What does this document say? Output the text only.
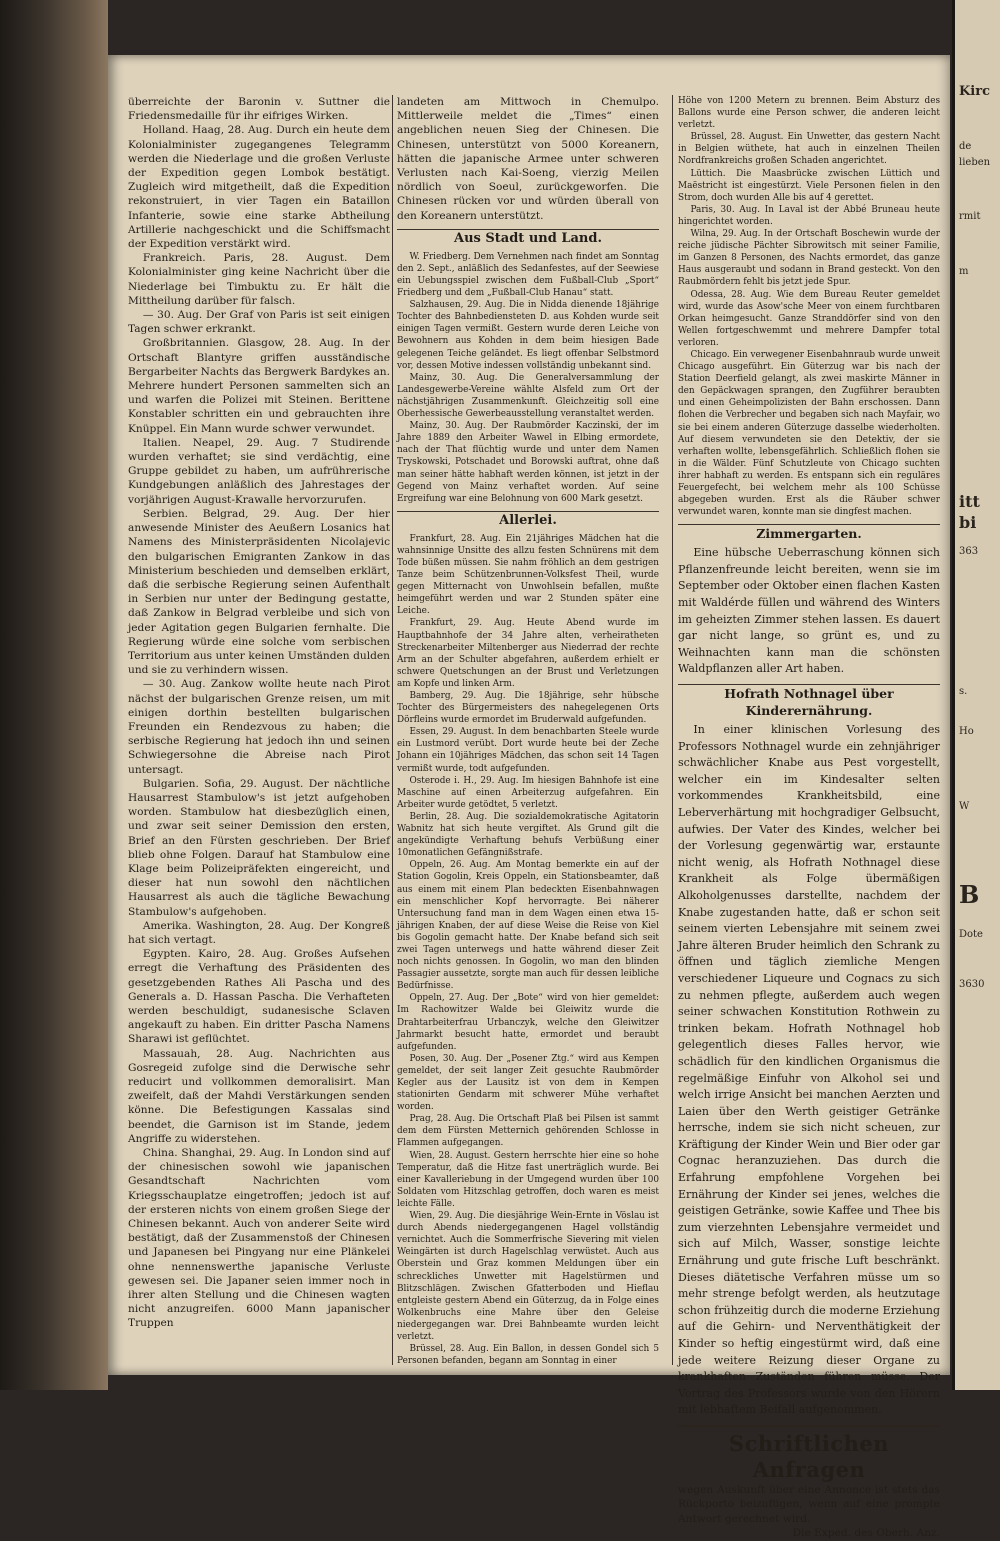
überreichte der Baronin v. Suttner die Friedensmedaille für ihr eifriges Wirken.

Holland. Haag, 28. Aug. Durch ein heute dem Kolonialminister zugegangenes Telegramm werden die Niederlage und die großen Verluste der Expedition gegen Lombok bestätigt. Zugleich wird mitgetheilt, daß die Expedition rekonstruiert, in vier Tagen ein Bataillon Infanterie, sowie eine starke Abtheilung Artillerie nachgeschickt und die Schiffsmacht der Expedition verstärkt wird.

Frankreich. Paris, 28. August. Dem Kolonialminister ging keine Nachricht über die Niederlage bei Timbuktu zu. Er hält die Mittheilung darüber für falsch.

— 30. Aug. Der Graf von Paris ist seit einigen Tagen schwer erkrankt.

Großbritannien. Glasgow, 28. Aug. In der Ortschaft Blantyre griffen ausständische Bergarbeiter Nachts das Bergwerk Bardykes an. Mehrere hundert Personen sammelten sich an und warfen die Polizei mit Steinen. Berittene Konstabler schritten ein und gebrauchten ihre Knüppel. Ein Mann wurde schwer verwundet.

Italien. Neapel, 29. Aug. 7 Studirende wurden verhaftet; sie sind verdächtig, eine Gruppe gebildet zu haben, um aufrührerische Kundgebungen anläßlich des Jahrestages der vorjährigen August-Krawalle hervorzurufen.

Serbien. Belgrad, 29. Aug. Der hier anwesende Minister des Aeußern Losanics hat Namens des Ministerpräsidenten Nicolajevic den bulgarischen Emigranten Zankow in das Ministerium beschieden und demselben erklärt, daß die serbische Regierung seinen Aufenthalt in Serbien nur unter der Bedingung gestatte, daß Zankow in Belgrad verbleibe und sich von jeder Agitation gegen Bulgarien fernhalte. Die Regierung würde eine solche vom serbischen Territorium aus unter keinen Umständen dulden und sie zu verhindern wissen.

— 30. Aug. Zankow wollte heute nach Pirot nächst der bulgarischen Grenze reisen, um mit einigen dorthin bestellten bulgarischen Freunden ein Rendezvous zu haben; die serbische Regierung hat jedoch ihn und seinen Schwiegersohne die Abreise nach Pirot untersagt.

Bulgarien. Sofia, 29. August. Der nächtliche Hausarrest Stambulow's ist jetzt aufgehoben worden. Stambulow hat diesbezüglich einen, und zwar seit seiner Demission den ersten, Brief an den Fürsten geschrieben. Der Brief blieb ohne Folgen. Darauf hat Stambulow eine Klage beim Polizeipräfekten eingereicht, und dieser hat nun sowohl den nächtlichen Hausarrest als auch die tägliche Bewachung Stambulow's aufgehoben.

Amerika. Washington, 28. Aug. Der Kongreß hat sich vertagt.

Egypten. Kairo, 28. Aug. Großes Aufsehen erregt die Verhaftung des Präsidenten des gesetzgebenden Rathes Ali Pascha und des Generals a. D. Hassan Pascha. Die Verhafteten werden beschuldigt, sudanesische Sclaven angekauft zu haben. Ein dritter Pascha Namens Sharawi ist geflüchtet.

Massauah, 28. Aug. Nachrichten aus Gosregeid zufolge sind die Derwische sehr reducirt und vollkommen demoralisirt. Man zweifelt, daß der Mahdi Verstärkungen senden könne. Die Befestigungen Kassalas sind beendet, die Garnison ist im Stande, jedem Angriffe zu widerstehen.

China. Shanghai, 29. Aug. In London sind auf der chinesischen sowohl wie japanischen Gesandtschaft Nachrichten vom Kriegsschauplatze eingetroffen; jedoch ist auf der ersteren nichts von einem großen Siege der Chinesen bekannt. Auch von anderer Seite wird bestätigt, daß der Zusammenstoß der Chinesen und Japanesen bei Pingyang nur eine Plänkelei ohne nennenswerthe japanische Verluste gewesen sei. Die Japaner seien immer noch in ihrer alten Stellung und die Chinesen wagten nicht anzugreifen. 6000 Mann japanischer Truppen

landeten am Mittwoch in Chemulpo. Mittlerweile meldet die „Times“ einen angeblichen neuen Sieg der Chinesen. Die Chinesen, unterstützt von 5000 Koreanern, hätten die japanische Armee unter schweren Verlusten nach Kai-Soeng, vierzig Meilen nördlich von Soeul, zurückgeworfen. Die Chinesen rücken vor und würden überall von den Koreanern unterstützt.

Aus Stadt und Land.

W. Friedberg. Dem Vernehmen nach findet am Sonntag den 2. Sept., anläßlich des Sedanfestes, auf der Seewiese ein Uebungsspiel zwischen dem Fußball-Club „Sport“ Friedberg und dem „Fußball-Club Hanau“ statt.

Salzhausen, 29. Aug. Die in Nidda dienende 18jährige Tochter des Bahnbediensteten D. aus Kohden wurde seit einigen Tagen vermißt. Gestern wurde deren Leiche von Bewohnern aus Kohden in dem beim hiesigen Bade gelegenen Teiche geländet. Es liegt offenbar Selbstmord vor, dessen Motive indessen vollständig unbekannt sind.

Mainz, 30. Aug. Die Generalversammlung der Landesgewerbe-Vereine wählte Alsfeld zum Ort der nächstjährigen Zusammenkunft. Gleichzeitig soll eine Oberhessische Gewerbeausstellung veranstaltet werden.

Mainz, 30. Aug. Der Raubmörder Kaczinski, der im Jahre 1889 den Arbeiter Wawel in Elbing ermordete, nach der That flüchtig wurde und unter dem Namen Tryskowski, Potschadet und Borowski auftrat, ohne daß man seiner hätte habhaft werden können, ist jetzt in der Gegend von Mainz verhaftet worden. Auf seine Ergreifung war eine Belohnung von 600 Mark gesetzt.

Allerlei.

Frankfurt, 28. Aug. Ein 21jähriges Mädchen hat die wahnsinnige Unsitte des allzu festen Schnürens mit dem Tode büßen müssen. Sie nahm fröhlich an dem gestrigen Tanze beim Schützenbrunnen-Volksfest Theil, wurde gegen Mitternacht von Unwohlsein befallen, mußte heimgeführt werden und war 2 Stunden später eine Leiche.

Frankfurt, 29. Aug. Heute Abend wurde im Hauptbahnhofe der 34 Jahre alten, verheiratheten Streckenarbeiter Miltenberger aus Niederrad der rechte Arm an der Schulter abgefahren, außerdem erhielt er schwere Quetschungen an der Brust und Verletzungen am Kopfe und linken Arm.

Bamberg, 29. Aug. Die 18jährige, sehr hübsche Tochter des Bürgermeisters des nahegelegenen Orts Dörfleins wurde ermordet im Bruderwald aufgefunden.

Essen, 29. August. In dem benachbarten Steele wurde ein Lustmord verübt. Dort wurde heute bei der Zeche Johann ein 10jähriges Mädchen, das schon seit 14 Tagen vermißt wurde, todt aufgefunden.

Osterode i. H., 29. Aug. Im hiesigen Bahnhofe ist eine Maschine auf einen Arbeiterzug aufgefahren. Ein Arbeiter wurde getödtet, 5 verletzt.

Berlin, 28. Aug. Die sozialdemokratische Agitatorin Wabnitz hat sich heute vergiftet. Als Grund gilt die angekündigte Verhaftung behufs Verbüßung einer 10monatlichen Gefängnißstrafe.

Oppeln, 26. Aug. Am Montag bemerkte ein auf der Station Gogolin, Kreis Oppeln, ein Stationsbeamter, daß aus einem mit einem Plan bedeckten Eisenbahnwagen ein menschlicher Kopf hervorragte. Bei näherer Untersuchung fand man in dem Wagen einen etwa 15-jährigen Knaben, der auf diese Weise die Reise von Kiel bis Gogolin gemacht hatte. Der Knabe befand sich seit zwei Tagen unterwegs und hatte während dieser Zeit noch nichts genossen. In Gogolin, wo man den blinden Passagier aussetzte, sorgte man auch für dessen leibliche Bedürfnisse.

Oppeln, 27. Aug. Der „Bote“ wird von hier gemeldet: Im Rachowitzer Walde bei Gleiwitz wurde die Drahtarbeiterfrau Urbanczyk, welche den Gleiwitzer Jahrmarkt besucht hatte, ermordet und beraubt aufgefunden.

Posen, 30. Aug. Der „Posener Ztg.“ wird aus Kempen gemeldet, der seit langer Zeit gesuchte Raubmörder Kegler aus der Lausitz ist von dem in Kempen stationirten Gendarm mit schwerer Mühe verhaftet worden.

Prag, 28. Aug. Die Ortschaft Plaß bei Pilsen ist sammt dem dem Fürsten Metternich gehörenden Schlosse in Flammen aufgegangen.

Wien, 28. August. Gestern herrschte hier eine so hohe Temperatur, daß die Hitze fast unerträglich wurde. Bei einer Kavalleriebung in der Umgegend wurden über 100 Soldaten vom Hitzschlag getroffen, doch waren es meist leichte Fälle.

Wien, 29. Aug. Die diesjährige Wein-Ernte in Vöslau ist durch Abends niedergegangenen Hagel vollständig vernichtet. Auch die Sommerfrische Sievering mit vielen Weingärten ist durch Hagelschlag verwüstet. Auch aus Oberstein und Graz kommen Meldungen über ein schreckliches Unwetter mit Hagelstürmen und Blitzschlägen. Zwischen Gfatterboden und Hieflau entgleiste gestern Abend ein Güterzug, da in Folge eines Wolkenbruchs eine Mahre über den Geleise niedergegangen war. Drei Bahnbeamte wurden leicht verletzt.

Brüssel, 28. Aug. Ein Ballon, in dessen Gondel sich 5 Personen befanden, begann am Sonntag in einer

Höhe von 1200 Metern zu brennen. Beim Absturz des Ballons wurde eine Person schwer, die anderen leicht verletzt.

Brüssel, 28. August. Ein Unwetter, das gestern Nacht in Belgien wüthete, hat auch in einzelnen Theilen Nordfrankreichs großen Schaden angerichtet.

Lüttich. Die Maasbrücke zwischen Lüttich und Maëstricht ist eingestürzt. Viele Personen fielen in den Strom, doch wurden Alle bis auf 4 gerettet.

Paris, 30. Aug. In Laval ist der Abbé Bruneau heute hingerichtet worden.

Wilna, 29. Aug. In der Ortschaft Boschewin wurde der reiche jüdische Pächter Sibrowitsch mit seiner Familie, im Ganzen 8 Personen, des Nachts ermordet, das ganze Haus ausgeraubt und sodann in Brand gesteckt. Von den Raubmördern fehlt bis jetzt jede Spur.

Odessa, 28. Aug. Wie dem Bureau Reuter gemeldet wird, wurde das Asow'sche Meer von einem furchtbaren Orkan heimgesucht. Ganze Stranddörfer sind von den Wellen fortgeschwemmt und mehrere Dampfer total verloren.

Chicago. Ein verwegener Eisenbahnraub wurde unweit Chicago ausgeführt. Ein Güterzug war bis nach der Station Deerfield gelangt, als zwei maskirte Männer in den Gepäckwagen sprangen, den Zugführer beraubten und einen Geheimpolizisten der Bahn erschossen. Dann flohen die Verbrecher und begaben sich nach Mayfair, wo sie bei einem anderen Güterzuge dasselbe wiederholten. Auf diesem verwundeten sie den Detektiv, der sie verhaften wollte, lebensgefährlich. Schließlich flohen sie in die Wälder. Fünf Schutzleute von Chicago suchten ihrer habhaft zu werden. Es entspann sich ein reguläres Feuergefecht, bei welchem mehr als 100 Schüsse abgegeben wurden. Erst als die Räuber schwer verwundet waren, konnte man sie dingfest machen.

Zimmergarten.

Eine hübsche Ueberraschung können sich Pflanzenfreunde leicht bereiten, wenn sie im September oder Oktober einen flachen Kasten mit Waldérde füllen und während des Winters im geheizten Zimmer stehen lassen. Es dauert gar nicht lange, so grünt es, und zu Weihnachten kann man die schönsten Waldpflanzen aller Art haben.

Hofrath Nothnagel über Kinderernährung.

In einer klinischen Vorlesung des Professors Nothnagel wurde ein zehnjähriger schwächlicher Knabe aus Pest vorgestellt, welcher ein im Kindesalter selten vorkommendes Krankheitsbild, eine Leberverhärtung mit hochgradiger Gelbsucht, aufwies. Der Vater des Kindes, welcher bei der Vorlesung gegenwärtig war, erstaunte nicht wenig, als Hofrath Nothnagel diese Krankheit als Folge übermäßigen Alkoholgenusses darstellte, nachdem der Knabe zugestanden hatte, daß er schon seit seinem vierten Lebensjahre mit seinem zwei Jahre älteren Bruder heimlich den Schrank zu öffnen und täglich ziemliche Mengen verschiedener Liqueure und Cognacs zu sich zu nehmen pflegte, außerdem auch wegen seiner schwachen Konstitution Rothwein zu trinken bekam. Hofrath Nothnagel hob gelegentlich dieses Falles hervor, wie schädlich für den kindlichen Organismus die regelmäßige Einfuhr von Alkohol sei und welch irrige Ansicht bei manchen Aerzten und Laien über den Werth geistiger Getränke herrsche, indem sie sich nicht scheuen, zur Kräftigung der Kinder Wein und Bier oder gar Cognac heranzuziehen. Das durch die Erfahrung empfohlene Vorgehen bei Ernährung der Kinder sei jenes, welches die geistigen Getränke, sowie Kaffee und Thee bis zum vierzehnten Lebensjahre vermeidet und sich auf Milch, Wasser, sonstige leichte Ernährung und gute frische Luft beschränkt. Dieses diätetische Verfahren müsse um so mehr strenge befolgt werden, als heutzutage schon frühzeitig durch die moderne Erziehung auf die Gehirn- und Nerventhätigkeit der Kinder so heftig eingestürmt wird, daß eine jede weitere Reizung dieser Organe zu krankhaften Zuständen führen müsse. Der Vortrag des Professors wurde von den Hörern mit lebhaftem Beifall aufgenommen.

Schriftlichen Anfragen

wegen Auskunft über eine Annonce ist stets das Rückporto beizufügen, wenn auf eine prompte Antwort gerechnet wird.

Die Exped. des Oberh. Anz.

Kirc
de
lieben
rmit
m
itt
bi
363
s.
Ho
W
B
Dote
3630
